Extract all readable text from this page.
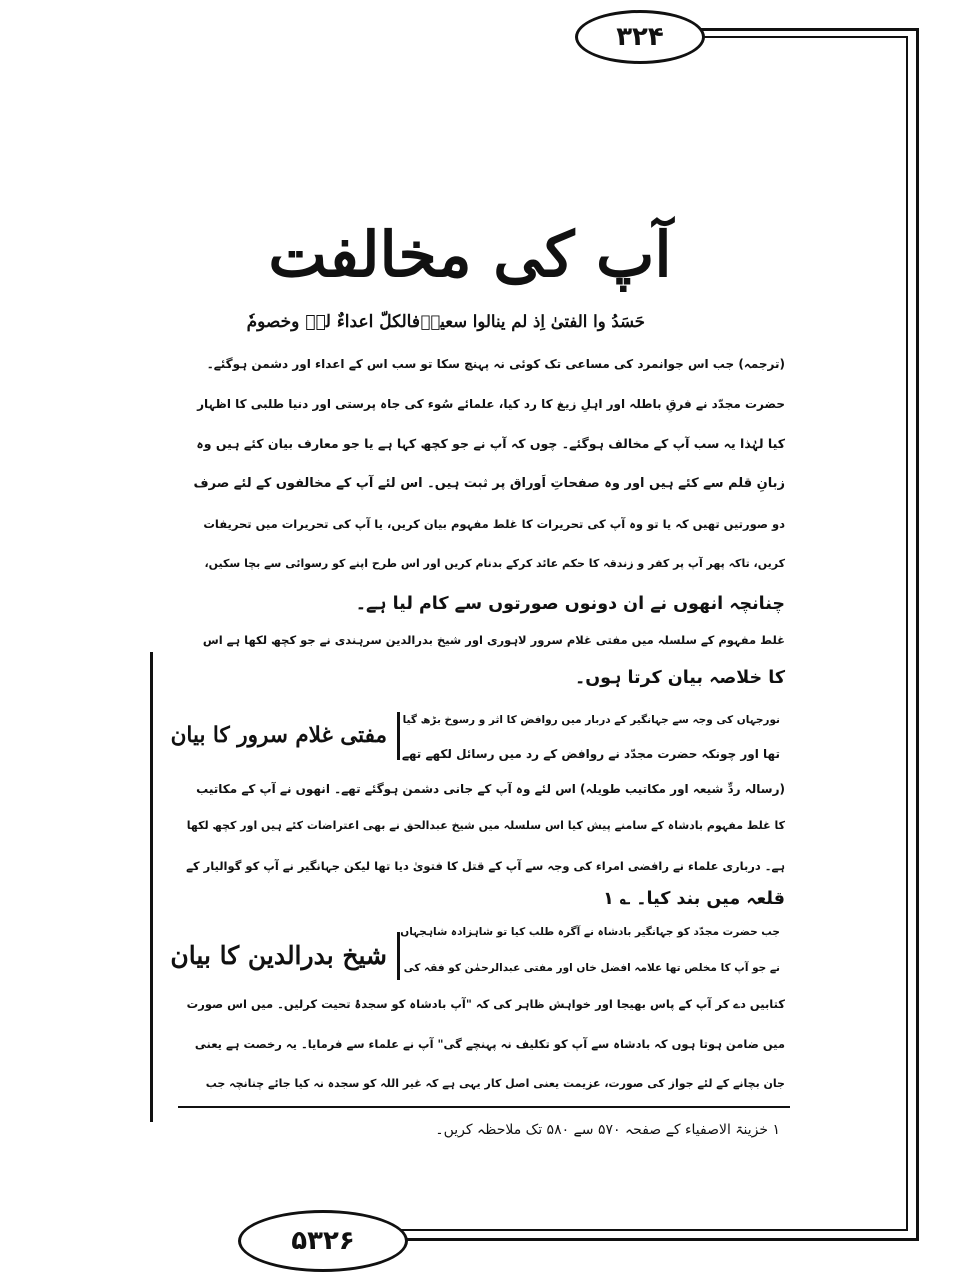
۳۲۴
۵۳۲۶
آپ کی مخالفت
حَسَدُ وا الفتیٰ اِذ لم ینالوا سعیہٗ
فالکلّ اعداءٌ لہٗ وخصومٗ
(ترجمہ) جب اس جوانمرد کی مساعی تک کوئی نہ پہنچ سکا تو سب اس کے اعداء اور دشمن ہوگئے۔
حضرت مجدّد نے فرقِ باطلہ اور اہلِ زیغ کا رد کیا، علمائے سُوء کی جاہ پرستی اور دنیا طلبی کا اظہار
کیا لہٰذا یہ سب آپ کے مخالف ہوگئے۔ چوں کہ آپ نے جو کچھ کہا ہے یا جو معارف بیان کئے ہیں وہ
زبانِ قلم سے کئے ہیں اور وہ صفحاتِ اَوراق پر ثبت ہیں۔ اس لئے آپ کے مخالفوں کے لئے صرف
دو صورتیں تھیں کہ یا تو وہ آپ کی تحریرات کا غلط مفہوم بیان کریں، یا آپ کی تحریرات میں تحریفات
کریں، تاکہ پھر آپ پر کفر و زندقہ کا حکم عائد کرکے بدنام کریں اور اس طرح اپنے کو رسوائی سے بچا سکیں،
چنانچہ انھوں نے ان دونوں صورتوں سے کام لیا ہے۔
غلط مفہوم کے سلسلہ میں مفتی غلام سرور لاہوری اور شیخ بدرالدین سرہندی نے جو کچھ لکھا ہے اس
کا خلاصہ بیان کرتا ہوں۔
مفتی غلام سرور کا بیان
نورجہاں کی وجہ سے جہانگیر کے دربار میں روافض کا اثر و رسوخ بڑھ گیا
تھا اور چونکہ حضرت مجدّد نے روافض کے رد میں رسائل لکھے تھے
(رسالہ ردِّ شیعہ اور مکاتیب طویلہ) اس لئے وہ آپ کے جانی دشمن ہوگئے تھے۔ انھوں نے آپ کے مکاتیب
کا غلط مفہوم بادشاہ کے سامنے پیش کیا اس سلسلہ میں شیخ عبدالحق نے بھی اعتراضات کئے ہیں اور کچھ لکھا
ہے۔ درباری علماء نے رافضی امراء کی وجہ سے آپ کے قتل کا فتویٰ دیا تھا لیکن جہانگیر نے آپ کو گوالیار کے
قلعہ میں بند کیا۔ ؎ ۱
شیخ بدرالدین کا بیان
جب حضرت مجدّد کو جہانگیر بادشاہ نے آگرہ طلب کیا تو شاہزادہ شاہجہاں
نے جو آپ کا مخلص تھا علامہ افضل خاں اور مفتی عبدالرحمٰن کو فقہ کی
کتابیں دے کر آپ کے پاس بھیجا اور خواہش ظاہر کی کہ "آپ بادشاہ کو سجدۂ تحیت کرلیں۔ میں اس صورت
میں ضامن ہوتا ہوں کہ بادشاہ سے آپ کو تکلیف نہ پہنچے گی" آپ نے علماء سے فرمایا۔ یہ رخصت ہے یعنی
جان بچانے کے لئے جواز کی صورت، عزیمت یعنی اصل کار یہی ہے کہ غیر اللہ کو سجدہ نہ کیا جائے چنانچہ جب
۱ خزینۃ الاصفیاء کے صفحہ ۵۷۰ سے ۵۸۰ تک ملاحظہ کریں۔
